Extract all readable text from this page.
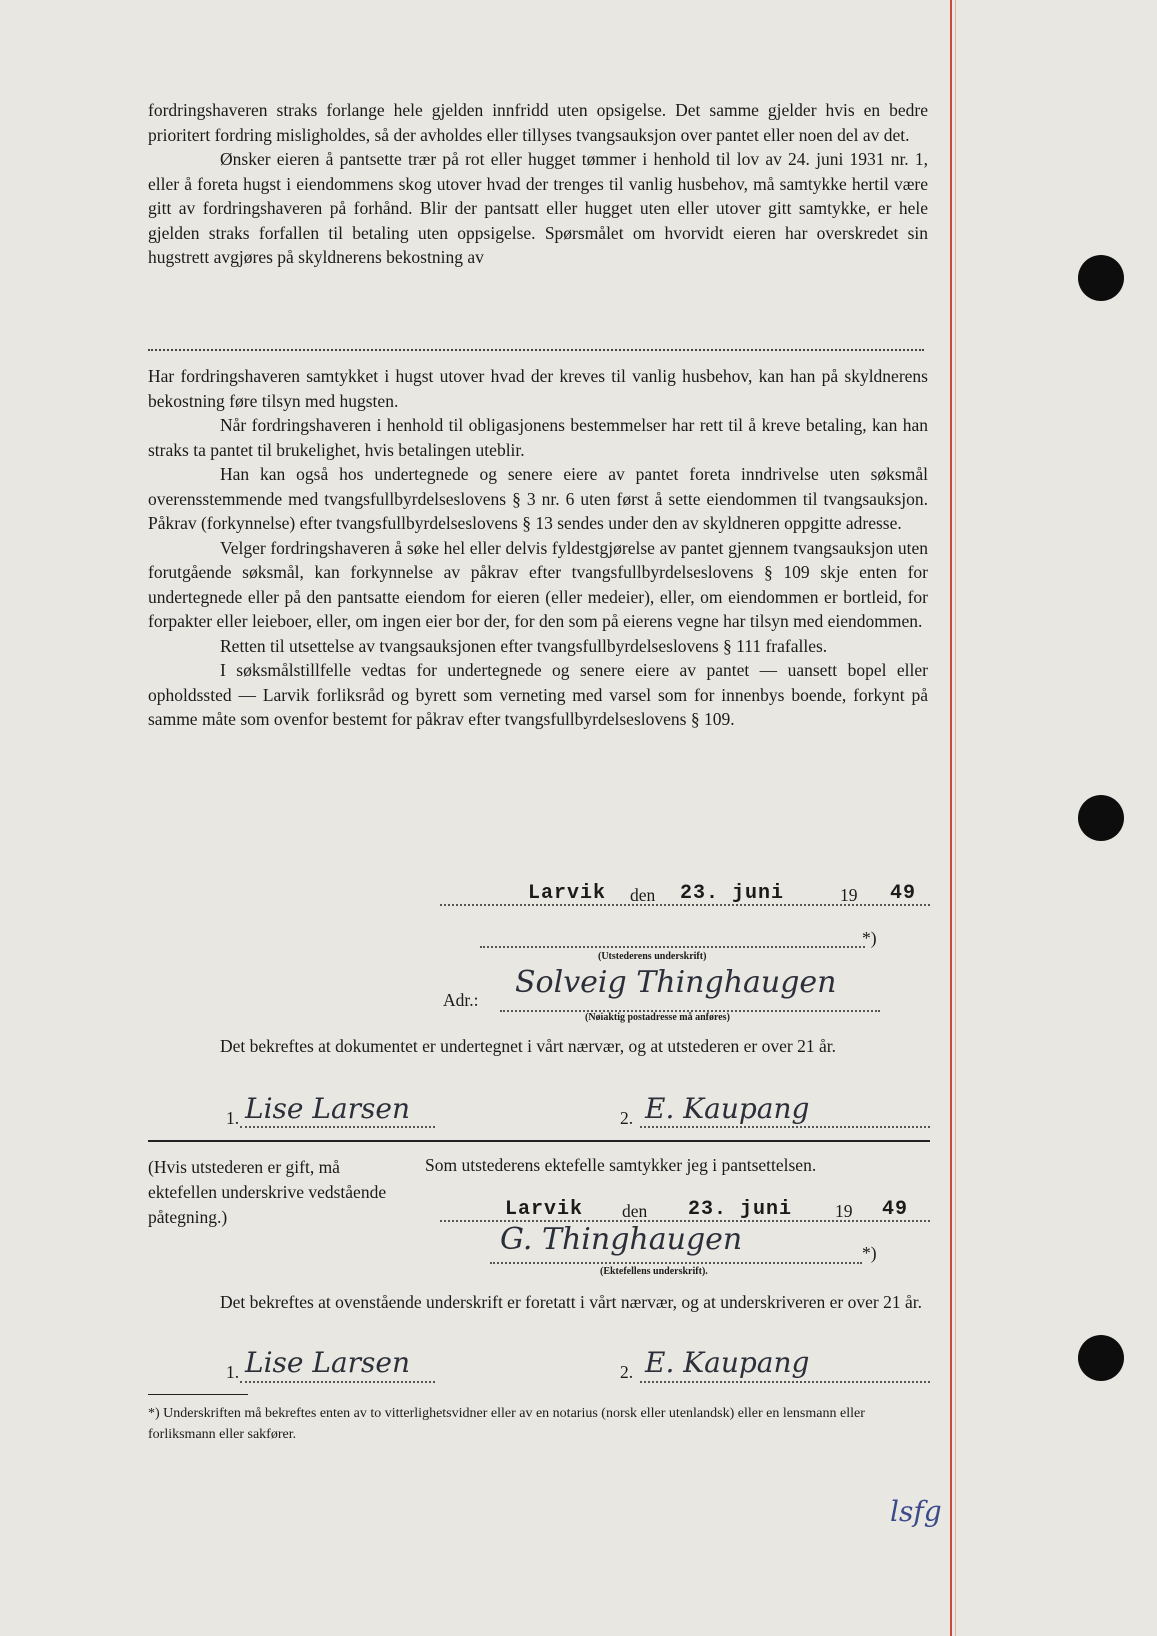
fordringshaveren straks forlange hele gjelden innfridd uten opsigelse. Det samme gjelder hvis en bedre prioritert fordring misligholdes, så der avholdes eller tillyses tvangsauksjon over pantet eller noen del av det.

Ønsker eieren å pantsette trær på rot eller hugget tømmer i henhold til lov av 24. juni 1931 nr. 1, eller å foreta hugst i eiendommens skog utover hvad der trenges til vanlig husbehov, må samtykke hertil være gitt av fordringshaveren på forhånd. Blir der pantsatt eller hugget uten eller utover gitt samtykke, er hele gjelden straks forfallen til betaling uten oppsigelse. Spørsmålet om hvorvidt eieren har overskredet sin hugstrett avgjøres på skyldnerens bekostning av

Har fordringshaveren samtykket i hugst utover hvad der kreves til vanlig husbehov, kan han på skyldnerens bekostning føre tilsyn med hugsten.

Når fordringshaveren i henhold til obligasjonens bestemmelser har rett til å kreve betaling, kan han straks ta pantet til brukelighet, hvis betalingen uteblir.

Han kan også hos undertegnede og senere eiere av pantet foreta inndrivelse uten søksmål overensstemmende med tvangsfullbyrdelseslovens § 3 nr. 6 uten først å sette eiendommen til tvangsauksjon. Påkrav (forkynnelse) efter tvangsfullbyrdelseslovens § 13 sendes under den av skyldneren oppgitte adresse.

Velger fordringshaveren å søke hel eller delvis fyldestgjørelse av pantet gjennem tvangsauksjon uten forutgående søksmål, kan forkynnelse av påkrav efter tvangsfullbyrdelseslovens § 109 skje enten for undertegnede eller på den pantsatte eiendom for eieren (eller medeier), eller, om eiendommen er bortleid, for forpakter eller leieboer, eller, om ingen eier bor der, for den som på eierens vegne har tilsyn med eiendommen.

Retten til utsettelse av tvangsauksjonen efter tvangsfullbyrdelseslovens § 111 frafalles.

I søksmålstillfelle vedtas for undertegnede og senere eiere av pantet — uansett bopel eller opholdssted — Larvik forliksråd og byrett som verneting med varsel som for innenbys boende, forkynt på samme måte som ovenfor bestemt for påkrav efter tvangsfullbyrdelseslovens § 109.

Larvik den 23. juni	19 49
*)
(Utstederens underskrift)
Adr.: Solveig Thinghaugen
(Nøiaktig postadresse må anføres)

Det bekreftes at dokumentet er undertegnet i vårt nærvær, og at utstederen er over 21 år.

1. Lise Larsen	2. E. Kaupang
(Hvis utstederen er gift, må ektefellen underskrive vedstående påtegning.)
Som utstederens ektefelle samtykker jeg i pantsettelsen.
Larvik den 23. juni 19 49
G. Thinghaugen	*)
(Ektefellens underskrift).

Det bekreftes at ovenstående underskrift er foretatt i vårt nærvær, og at underskriveren er over 21 år.

1. Lise Larsen	2. E. Kaupang
*) Underskriften må bekreftes enten av to vitterlighetsvidner eller av en notarius (norsk eller utenlandsk) eller en lensmann eller forliksmann eller sakfører.
lsfg
